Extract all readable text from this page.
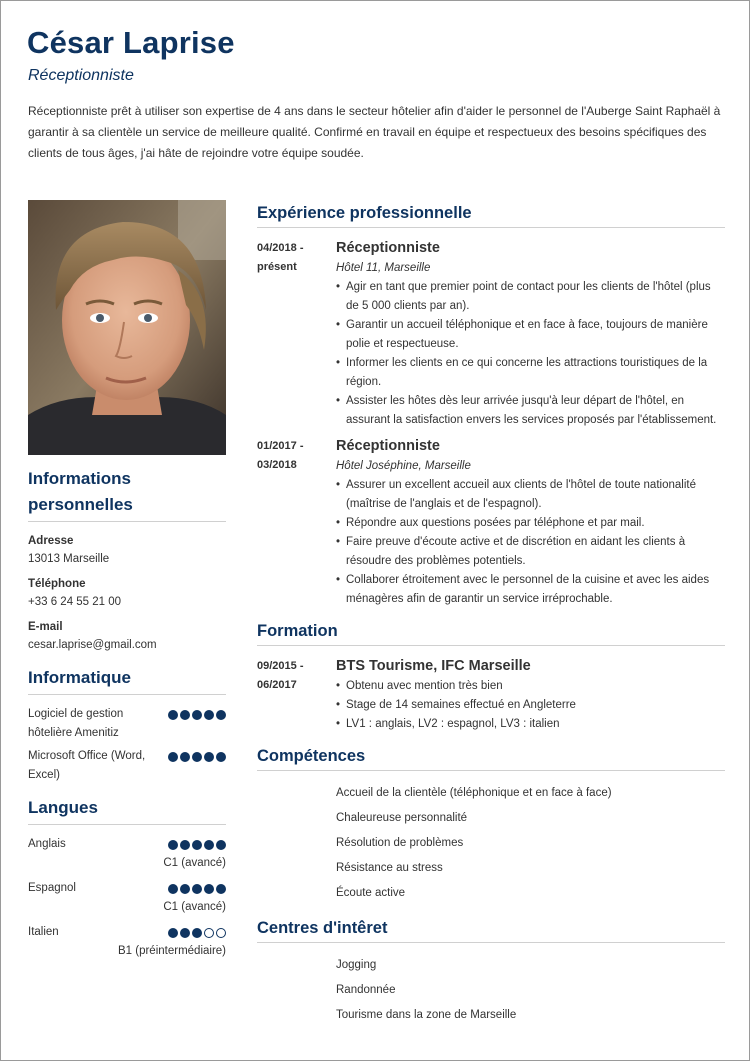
César Laprise
Réceptionniste
Réceptionniste prêt à utiliser son expertise de 4 ans dans le secteur hôtelier afin d'aider le personnel de l'Auberge Saint Raphaël à garantir à sa clientèle un service de meilleure qualité. Confirmé en travail en équipe et respectueux des besoins spécifiques des clients de tous âges, j'ai hâte de rejoindre votre équipe soudée.
Informations personnelles
Adresse
13013 Marseille
Téléphone
+33 6 24 55 21 00
E-mail
cesar.laprise@gmail.com
Informatique
Logiciel de gestion hôtelière Amenitiz
Microsoft Office (Word, Excel)
Langues
Anglais
C1 (avancé)
Espagnol
C1 (avancé)
Italien
B1 (préintermédiaire)
Expérience professionnelle
04/2018 - présent
Réceptionniste
Hôtel 11, Marseille
• Agir en tant que premier point de contact pour les clients de l'hôtel (plus de 5 000 clients par an).
• Garantir un accueil téléphonique et en face à face, toujours de manière polie et respectueuse.
• Informer les clients en ce qui concerne les attractions touristiques de la région.
• Assister les hôtes dès leur arrivée jusqu'à leur départ de l'hôtel, en assurant la satisfaction envers les services proposés par l'établissement.
01/2017 - 03/2018
Réceptionniste
Hôtel Joséphine, Marseille
• Assurer un excellent accueil aux clients de l'hôtel de toute nationalité (maîtrise de l'anglais et de l'espagnol).
• Répondre aux questions posées par téléphone et par mail.
• Faire preuve d'écoute active et de discrétion en aidant les clients à résoudre des problèmes potentiels.
• Collaborer étroitement avec le personnel de la cuisine et avec les aides ménagères afin de garantir un service irréprochable.
Formation
09/2015 - 06/2017
BTS Tourisme, IFC Marseille
• Obtenu avec mention très bien
• Stage de 14 semaines effectué en Angleterre
• LV1 : anglais, LV2 : espagnol, LV3 : italien
Compétences
Accueil de la clientèle (téléphonique et en face à face)
Chaleureuse personnalité
Résolution de problèmes
Résistance au stress
Écoute active
Centres d'intêret
Jogging
Randonnée
Tourisme dans la zone de Marseille
